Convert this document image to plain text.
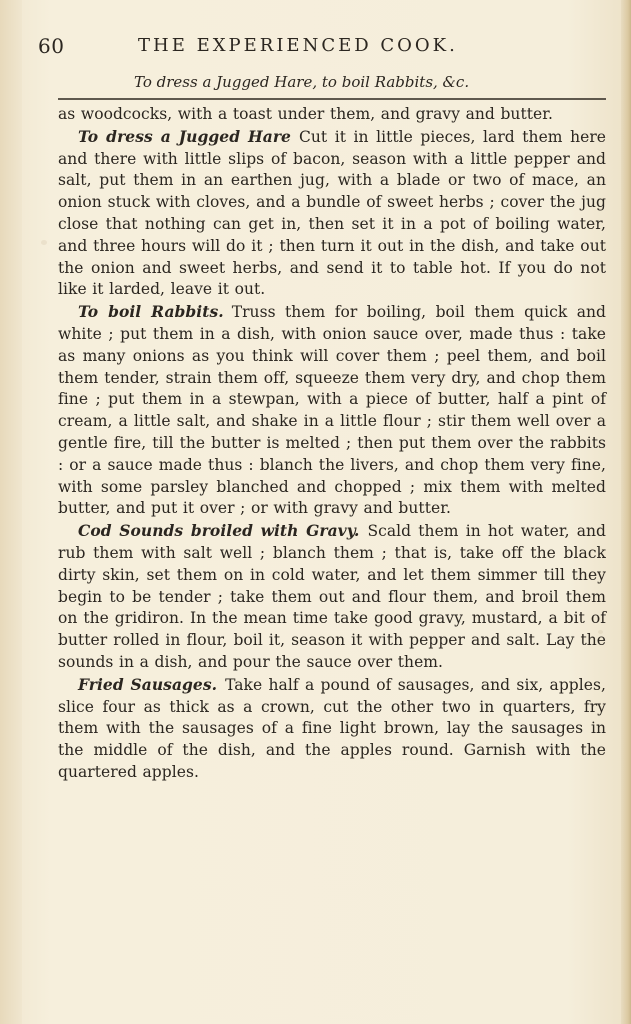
60	THE EXPERIENCED COOK.
To dress a Jugged Hare, to boil Rabbits, &c.

as woodcocks, with a toast under them, and gravy and butter.

To dress a Jugged Hare Cut it in little pieces, lard them here and there with little slips of bacon, season with a little pepper and salt, put them in an earthen jug, with a blade or two of mace, an onion stuck with cloves, and a bundle of sweet herbs ; cover the jug close that nothing can get in, then set it in a pot of boiling water, and three hours will do it ; then turn it out in the dish, and take out the onion and sweet herbs, and send it to table hot. If you do not like it larded, leave it out.

To boil Rabbits. Truss them for boiling, boil them quick and white ; put them in a dish, with onion sauce over, made thus : take as many onions as you think will cover them ; peel them, and boil them tender, strain them off, squeeze them very dry, and chop them fine ; put them in a stewpan, with a piece of butter, half a pint of cream, a little salt, and shake in a little flour ; stir them well over a gentle fire, till the butter is melted ; then put them over the rabbits : or a sauce made thus : blanch the livers, and chop them very fine, with some parsley blanched and chopped ; mix them with melted butter, and put it over ; or with gravy and butter.

Cod Sounds broiled with Gravy. Scald them in hot water, and rub them with salt well ; blanch them ; that is, take off the black dirty skin, set them on in cold water, and let them simmer till they begin to be tender ; take them out and flour them, and broil them on the gridiron. In the mean time take good gravy, mustard, a bit of butter rolled in flour, boil it, season it with pepper and salt. Lay the sounds in a dish, and pour the sauce over them.

Fried Sausages. Take half a pound of sausages, and six, apples, slice four as thick as a crown, cut the other two in quarters, fry them with the sausages of a fine light brown, lay the sausages in the middle of the dish, and the apples round. Garnish with the quartered apples.
